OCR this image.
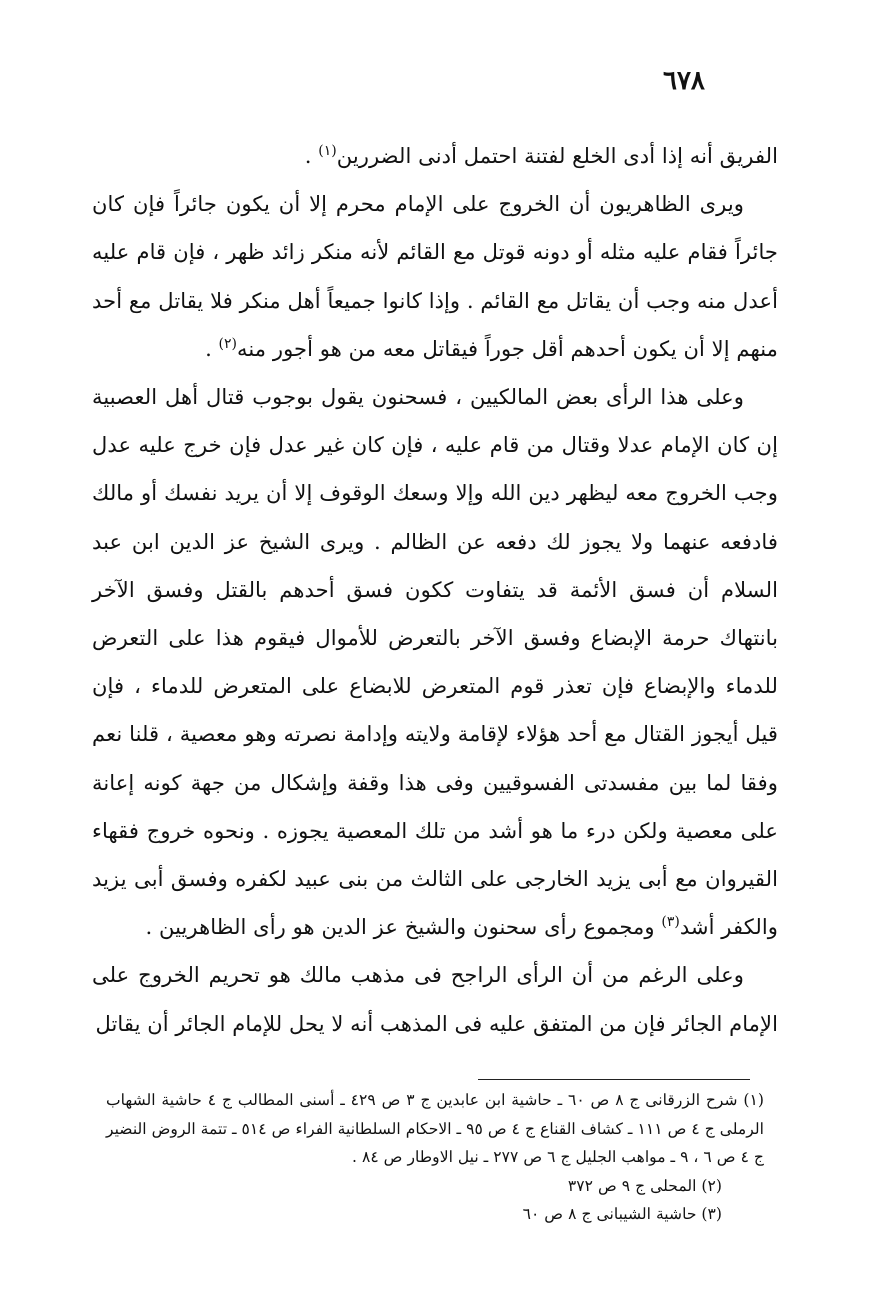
٦٧٨

الفريق أنه إذا أدى الخلع لفتنة احتمل أدنى الضررين$^{(١)}$ .

ويرى الظاهريون أن الخروج على الإمام محرم إلا أن يكون جائراً فإن كان جائراً فقام عليه مثله أو دونه قوتل مع القائم لأنه منكر زائد ظهر ، فإن قام عليه أعدل منه وجب أن يقاتل مع القائم . وإذا كانوا جميعاً أهل منكر فلا يقاتل مع أحد منهم إلا أن يكون أحدهم أقل جوراً فيقاتل معه من هو أجور منه$^{(٢)}$ .

وعلى هذا الرأى بعض المالكيين ، فسحنون يقول بوجوب قتال أهل العصبية إن كان الإمام عدلا وقتال من قام عليه ، فإن كان غير عدل فإن خرج عليه عدل وجب الخروج معه ليظهر دين الله وإلا وسعك الوقوف إلا أن يريد نفسك أو مالك فادفعه عنهما ولا يجوز لك دفعه عن الظالم . ويرى الشيخ عز الدين ابن عبد السلام أن فسق الأئمة قد يتفاوت ككون فسق أحدهم بالقتل وفسق الآخر بانتهاك حرمة الإبضاع وفسق الآخر بالتعرض للأموال فيقوم هذا على التعرض للدماء والإبضاع فإن تعذر قوم المتعرض للابضاع على المتعرض للدماء ، فإن قيل أيجوز القتال مع أحد هؤلاء لإقامة ولايته وإدامة نصرته وهو معصية ، قلنا نعم وفقا لما بين مفسدتى الفسوقيين وفى هذا وقفة وإشكال من جهة كونه إعانة على معصية ولكن درء ما هو أشد من تلك المعصية يجوزه . ونحوه خروج فقهاء القيروان مع أبى يزيد الخارجى على الثالث من بنى عبيد لكفره وفسق أبى يزيد والكفر أشد$^{(٣)}$ ومجموع رأى سحنون والشيخ عز الدين هو رأى الظاهريين .

وعلى الرغم من أن الرأى الراجح فى مذهب مالك هو تحريم الخروج على الإمام الجائر فإن من المتفق عليه فى المذهب أنه لا يحل للإمام الجائر أن يقاتل

(١) شرح الزرقانى ج ٨ ص ٦٠ ـ حاشية ابن عابدين ج ٣ ص ٤٢٩ ـ أسنى المطالب ج ٤ حاشية الشهاب الرملى ج ٤ ص ١١١ ـ كشاف القناع ج ٤ ص ٩٥ ـ الاحكام السلطانية الفراء ص ٥١٤ ـ تتمة الروض النضير ج ٤ ص ٦ ، ٩ ـ مواهب الجليل ج ٦ ص ٢٧٧ ـ نيل الاوطار ص ٨٤ .

(٢) المحلى ج ٩ ص ٣٧٢

(٣) حاشية الشيبانى ج ٨ ص ٦٠
